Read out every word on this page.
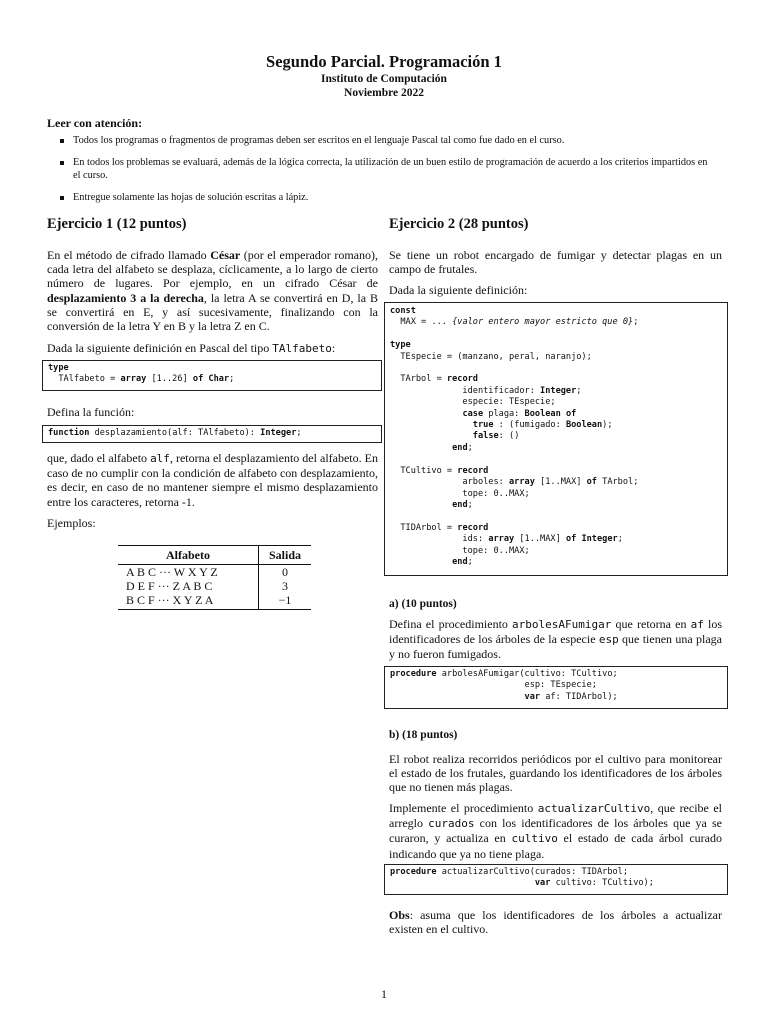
Segundo Parcial. Programación 1
Instituto de Computación
Noviembre 2022
Leer con atención:
Todos los programas o fragmentos de programas deben ser escritos en el lenguaje Pascal tal como fue dado en el curso.
En todos los problemas se evaluará, además de la lógica correcta, la utilización de un buen estilo de programación de acuerdo a los criterios impartidos en el curso.
Entregue solamente las hojas de solución escritas a lápiz.
Ejercicio 1 (12 puntos)

En el método de cifrado llamado César (por el emperador romano), cada letra del alfabeto se desplaza, cíclicamente, a lo largo de cierto número de lugares. Por ejemplo, en un cifrado César de desplazamiento 3 a la derecha, la letra A se convertirá en D, la B se convertirá en E, y así sucesivamente, finalizando con la conversión de la letra Y en B y la letra Z en C.

Dada la siguiente definición en Pascal del tipo TAlfabeto:

type
TAlfabeto = array [1..26] of Char;

Defina la función:

function desplazamiento(alf: TAlfabeto): Integer;

que, dado el alfabeto alf, retorna el desplazamiento del alfabeto. En caso de no cumplir con la condición de alfabeto con desplazamiento, es decir, en caso de no mantener siempre el mismo desplazamiento entre los caracteres, retorna -1.

Ejemplos:

Alfabeto	Salida
A B C ··· W X Y Z	0
D E F ··· Z A B C	3
B C F ··· X Y Z A	−1
Ejercicio 2 (28 puntos)

Se tiene un robot encargado de fumigar y detectar plagas en un campo de frutales.

Dada la siguiente definición:

const
MAX = ... {valor entero mayor estricto que 0};

type
TEspecie = (manzano, peral, naranjo);

TArbol = record
identificador: Integer;
especie: TEspecie;
case plaga: Boolean of
true : (fumigado: Boolean);
false: ()
end;

TCultivo = record
arboles: array [1..MAX] of TArbol;
tope: 0..MAX;
end;

TIDArbol = record
ids: array [1..MAX] of Integer;
tope: 0..MAX;
end;
a) (10 puntos)

Defina el procedimiento arbolesAFumigar que retorna en af los identificadores de los árboles de la especie esp que tienen una plaga y no fueron fumigados.

procedure arbolesAFumigar(cultivo: TCultivo;
esp: TEspecie;
var af: TIDArbol);
b) (18 puntos)

El robot realiza recorridos periódicos por el cultivo para monitorear el estado de los frutales, guardando los identificadores de los árboles que no tienen más plagas.

Implemente el procedimiento actualizarCultivo, que recibe el arreglo curados con los identificadores de los árboles que ya se curaron, y actualiza en cultivo el estado de cada árbol curado indicando que ya no tiene plaga.

procedure actualizarCultivo(curados: TIDArbol;
var cultivo: TCultivo);

Obs: asuma que los identificadores de los árboles a actualizar existen en el cultivo.

1
